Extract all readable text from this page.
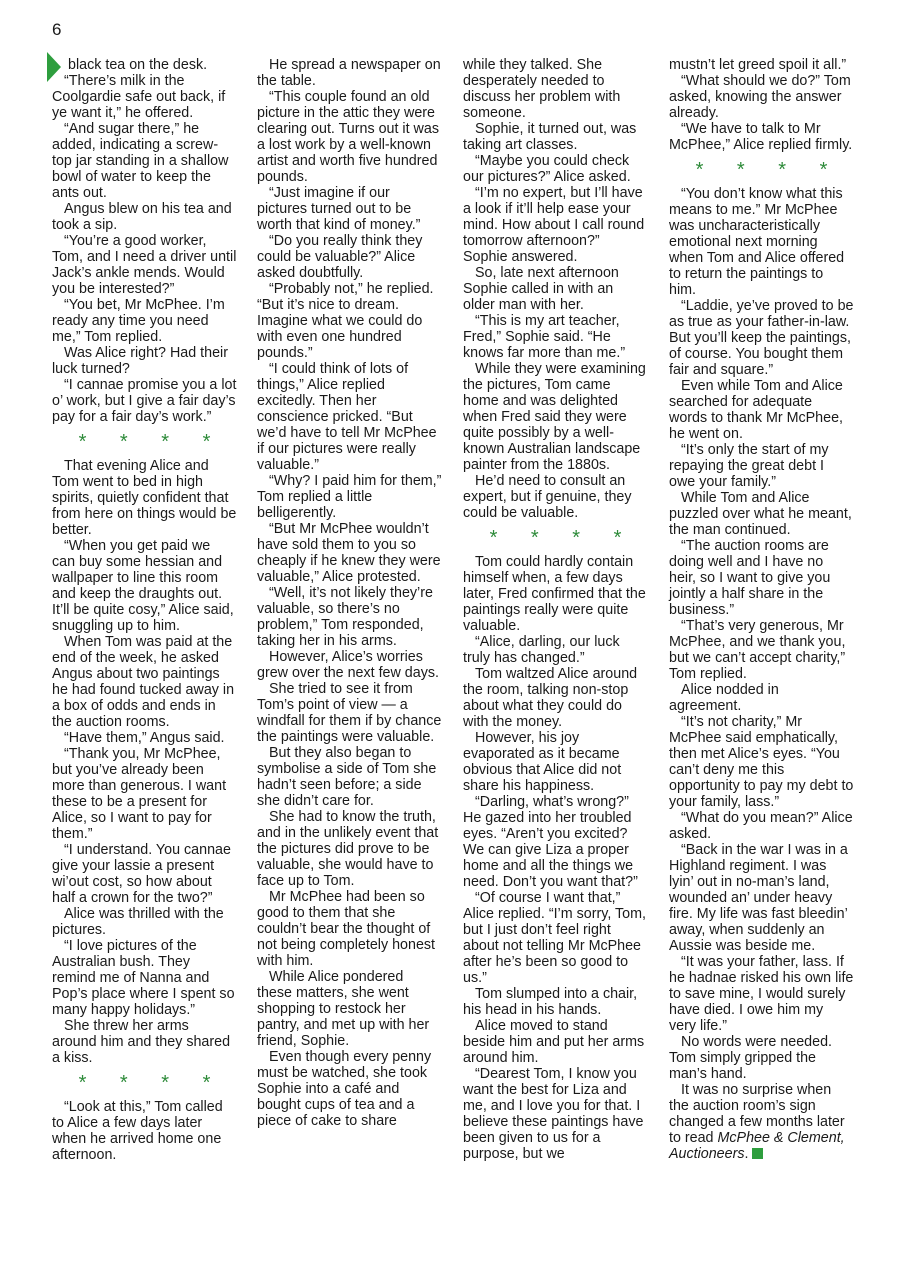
6
black tea on the desk.
“There’s milk in the Coolgardie safe out back, if ye want it,” he offered.
“And sugar there,” he added, indicating a screw-top jar standing in a shallow bowl of water to keep the ants out.
Angus blew on his tea and took a sip.
“You’re a good worker, Tom, and I need a driver until Jack’s ankle mends. Would you be interested?”
“You bet, Mr McPhee. I’m ready any time you need me,” Tom replied.
Was Alice right? Had their luck turned?
“I cannae promise you a lot o’ work, but I give a fair day’s pay for a fair day’s work.”
* * * *
That evening Alice and Tom went to bed in high spirits, quietly confident that from here on things would be better.
“When you get paid we can buy some hessian and wallpaper to line this room and keep the draughts out. It’ll be quite cosy,” Alice said, snuggling up to him.
When Tom was paid at the end of the week, he asked Angus about two paintings he had found tucked away in a box of odds and ends in the auction rooms.
“Have them,” Angus said.
“Thank you, Mr McPhee, but you’ve already been more than generous. I want these to be a present for Alice, so I want to pay for them.”
“I understand. You cannae give your lassie a present wi’out cost, so how about half a crown for the two?”
Alice was thrilled with the pictures.
“I love pictures of the Australian bush. They remind me of Nanna and Pop’s place where I spent so many happy holidays.”
She threw her arms around him and they shared a kiss.
* * * *
“Look at this,” Tom called to Alice a few days later when he arrived home one afternoon.
He spread a newspaper on the table.
“This couple found an old picture in the attic they were clearing out. Turns out it was a lost work by a well-known artist and worth five hundred pounds.
“Just imagine if our pictures turned out to be worth that kind of money.”
“Do you really think they could be valuable?” Alice asked doubtfully.
“Probably not,” he replied. “But it’s nice to dream. Imagine what we could do with even one hundred pounds.”
“I could think of lots of things,” Alice replied excitedly. Then her conscience pricked. “But we’d have to tell Mr McPhee if our pictures were really valuable.”
“Why? I paid him for them,” Tom replied a little belligerently.
“But Mr McPhee wouldn’t have sold them to you so cheaply if he knew they were valuable,” Alice protested.
“Well, it’s not likely they’re valuable, so there’s no problem,” Tom responded, taking her in his arms.
However, Alice’s worries grew over the next few days.
She tried to see it from Tom’s point of view — a windfall for them if by chance the paintings were valuable.
But they also began to symbolise a side of Tom she hadn’t seen before; a side she didn’t care for.
She had to know the truth, and in the unlikely event that the pictures did prove to be valuable, she would have to face up to Tom.
Mr McPhee had been so good to them that she couldn’t bear the thought of not being completely honest with him.
While Alice pondered these matters, she went shopping to restock her pantry, and met up with her friend, Sophie.
Even though every penny must be watched, she took Sophie into a café and bought cups of tea and a piece of cake to share
while they talked. She desperately needed to discuss her problem with someone.
Sophie, it turned out, was taking art classes.
“Maybe you could check our pictures?” Alice asked.
“I’m no expert, but I’ll have a look if it’ll help ease your mind. How about I call round tomorrow afternoon?” Sophie answered.
So, late next afternoon Sophie called in with an older man with her.
“This is my art teacher, Fred,” Sophie said. “He knows far more than me.”
While they were examining the pictures, Tom came home and was delighted when Fred said they were quite possibly by a well-known Australian landscape painter from the 1880s.
He’d need to consult an expert, but if genuine, they could be valuable.
* * * *
Tom could hardly contain himself when, a few days later, Fred confirmed that the paintings really were quite valuable.
“Alice, darling, our luck truly has changed.”
Tom waltzed Alice around the room, talking non-stop about what they could do with the money.
However, his joy evaporated as it became obvious that Alice did not share his happiness.
“Darling, what’s wrong?” He gazed into her troubled eyes. “Aren’t you excited? We can give Liza a proper home and all the things we need. Don’t you want that?”
“Of course I want that,” Alice replied. “I’m sorry, Tom, but I just don’t feel right about not telling Mr McPhee after he’s been so good to us.”
Tom slumped into a chair, his head in his hands.
Alice moved to stand beside him and put her arms around him.
“Dearest Tom, I know you want the best for Liza and me, and I love you for that. I believe these paintings have been given to us for a purpose, but we
mustn’t let greed spoil it all.”
“What should we do?” Tom asked, knowing the answer already.
“We have to talk to Mr McPhee,” Alice replied firmly.
* * * *
“You don’t know what this means to me.” Mr McPhee was uncharacteristically emotional next morning when Tom and Alice offered to return the paintings to him.
“Laddie, ye’ve proved to be as true as your father-in-law. But you’ll keep the paintings, of course. You bought them fair and square.”
Even while Tom and Alice searched for adequate words to thank Mr McPhee, he went on.
“It’s only the start of my repaying the great debt I owe your family.”
While Tom and Alice puzzled over what he meant, the man continued.
“The auction rooms are doing well and I have no heir, so I want to give you jointly a half share in the business.”
“That’s very generous, Mr McPhee, and we thank you, but we can’t accept charity,” Tom replied.
Alice nodded in agreement.
“It’s not charity,” Mr McPhee said emphatically, then met Alice’s eyes. “You can’t deny me this opportunity to pay my debt to your family, lass.”
“What do you mean?” Alice asked.
“Back in the war I was in a Highland regiment. I was lyin’ out in no-man’s land, wounded an’ under heavy fire. My life was fast bleedin’ away, when suddenly an Aussie was beside me.
“It was your father, lass. If he hadnae risked his own life to save mine, I would surely have died. I owe him my very life.”
No words were needed. Tom simply gripped the man’s hand.
It was no surprise when the auction room’s sign changed a few months later to read McPhee & Clement, Auctioneers.
